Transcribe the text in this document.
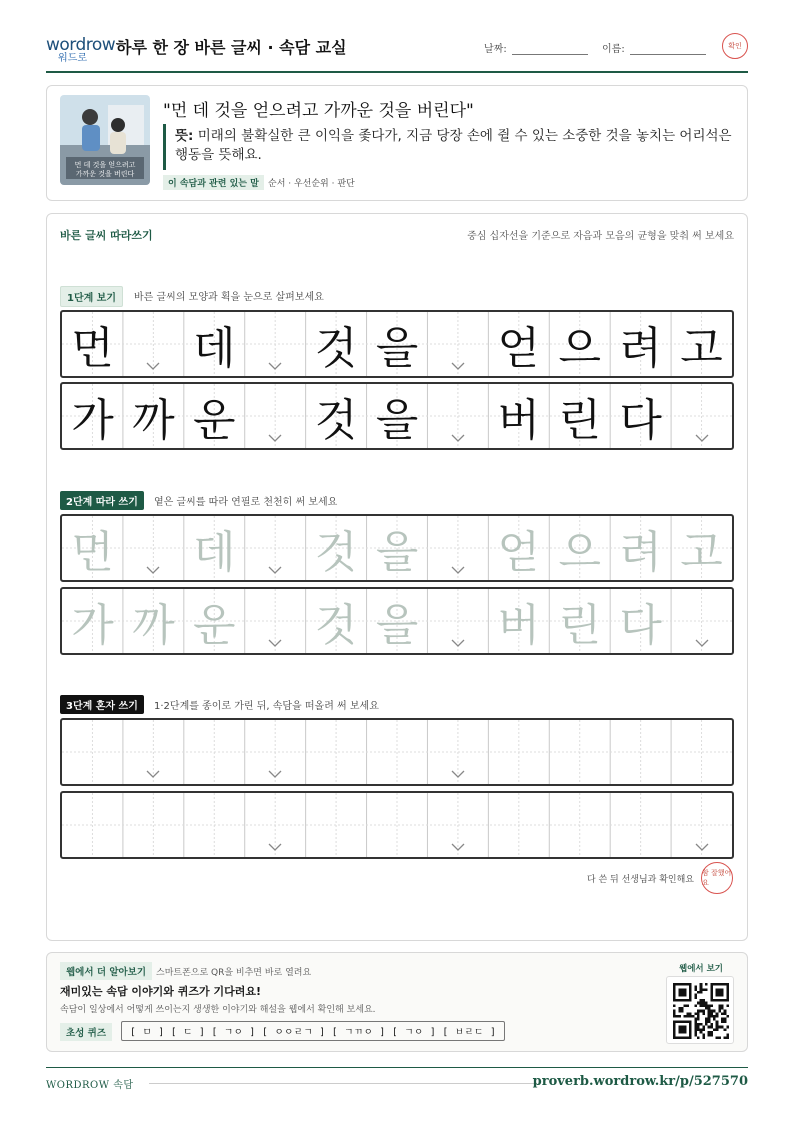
wordrow
워드로
하루 한 장 바른 글씨 · 속담 교실	날짜:	이름:	확인
먼 데 것을 얻으려고
가까운 것을 버린다
"먼 데 것을 얻으려고 가까운 것을 버린다"
뜻: 미래의 불확실한 큰 이익을 좇다가, 지금 당장 손에 쥘 수 있는 소중한 것을 놓치는 어리석은 행동을 뜻해요.
이 속담과 관련 있는 말	순서 · 우선순위 · 판단
바른 글씨 따라쓰기	중심 십자선을 기준으로 자음과 모음의 균형을 맞춰 써 보세요
1단계 보기	바른 글씨의 모양과 획을 눈으로 살펴보세요
먼 데 것 을 얻 으 려 고
가 까 운 것 을 버 린 다
2단계 따라 쓰기	옅은 글씨를 따라 연필로 천천히 써 보세요
먼 데 것 을 얻 으 려 고
가 까 운 것 을 버 린 다
3단계 혼자 쓰기	1·2단계를 종이로 가린 뒤, 속담을 떠올려 써 보세요
다 쓴 뒤 선생님과 확인해요
참 잘했어요
웹에서 더 알아보기	스마트폰으로 QR을 비추면 바로 열려요
재미있는 속담 이야기와 퀴즈가 기다려요!
속담이 일상에서 어떻게 쓰이는지 생생한 이야기와 해설을 웹에서 확인해 보세요.
초성 퀴즈	[ ㅁ ] [ ㄷ ] [ ㄱㅇ ] [ ㅇㅇㄹㄱ ] [ ㄱㄲㅇ ] [ ㄱㅇ ] [ ㅂㄹㄷ ]
웹에서 보기
WORDROW 속담	proverb.wordrow.kr/p/527570
